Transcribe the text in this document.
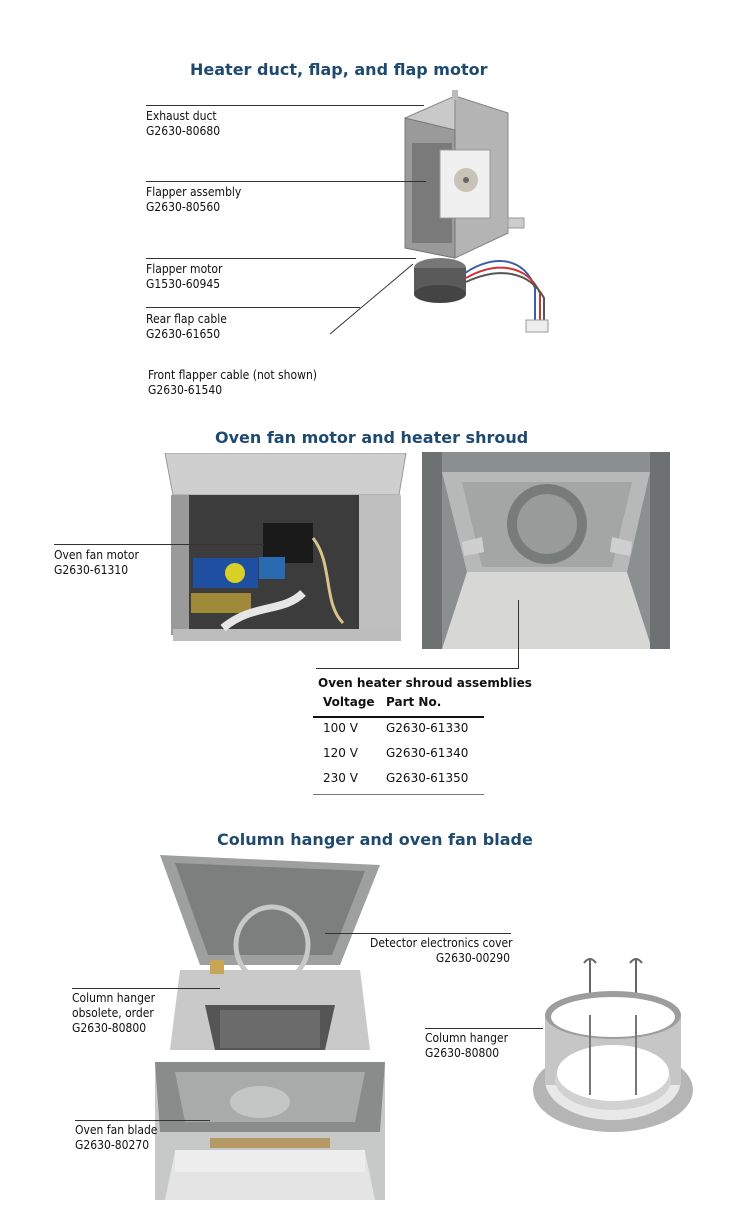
Heater duct, flap, and flap motor
Exhaust duct
G2630-80680
Flapper assembly
G2630-80560
Flapper motor
G1530-60945
Rear flap cable
G2630-61650
Front flapper cable (not shown)
G2630-61540
Oven fan motor and heater shroud
Oven fan motor
G2630-61310
Oven heater shroud assemblies
Voltage Part No.
100 V G2630-61330
120 V G2630-61340
230 V G2630-61350
Column hanger and oven fan blade
Detector electronics cover
G2630-00290
Column hanger
obsolete, order
G2630-80800
Column hanger
G2630-80800
Oven fan blade
G2630-80270
